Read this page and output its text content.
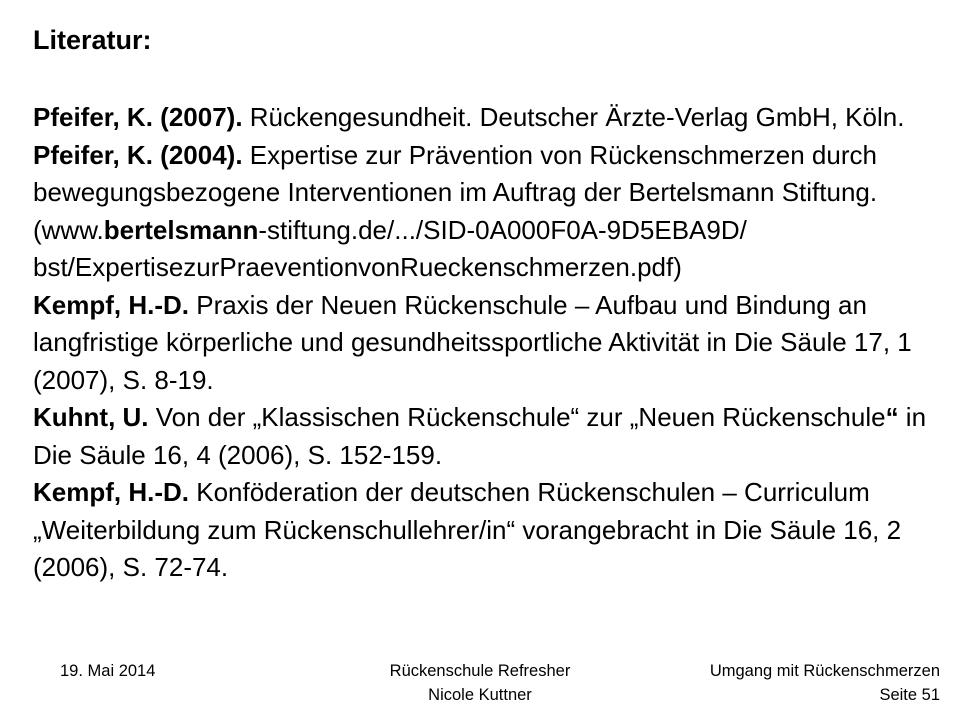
Literatur:
Pfeifer, K. (2007). Rückengesundheit. Deutscher Ärzte-Verlag GmbH, Köln.
Pfeifer, K. (2004). Expertise zur Prävention von Rückenschmerzen durch bewegungsbezogene Interventionen im Auftrag der Bertelsmann Stiftung. (www.bertelsmann-stiftung.de/.../SID-0A000F0A-9D5EBA9D/ bst/ExpertisezurPraeventionvonRueckenschmerzen.pdf)
Kempf, H.-D. Praxis der Neuen Rückenschule – Aufbau und Bindung an langfristige körperliche und gesundheitssportliche Aktivität in Die Säule 17, 1 (2007), S. 8-19.
Kuhnt, U. Von der „Klassischen Rückenschule“ zur „Neuen Rückenschule“ in Die Säule 16, 4 (2006), S. 152-159.
Kempf, H.-D. Konföderation der deutschen Rückenschulen – Curriculum „Weiterbildung zum Rückenschullehrer/in“ vorangebracht in Die Säule 16, 2 (2006), S. 72-74.
19. Mai 2014	Rückenschule Refresher
Nicole Kuttner
Umgang mit Rückenschmerzen
Seite 51
